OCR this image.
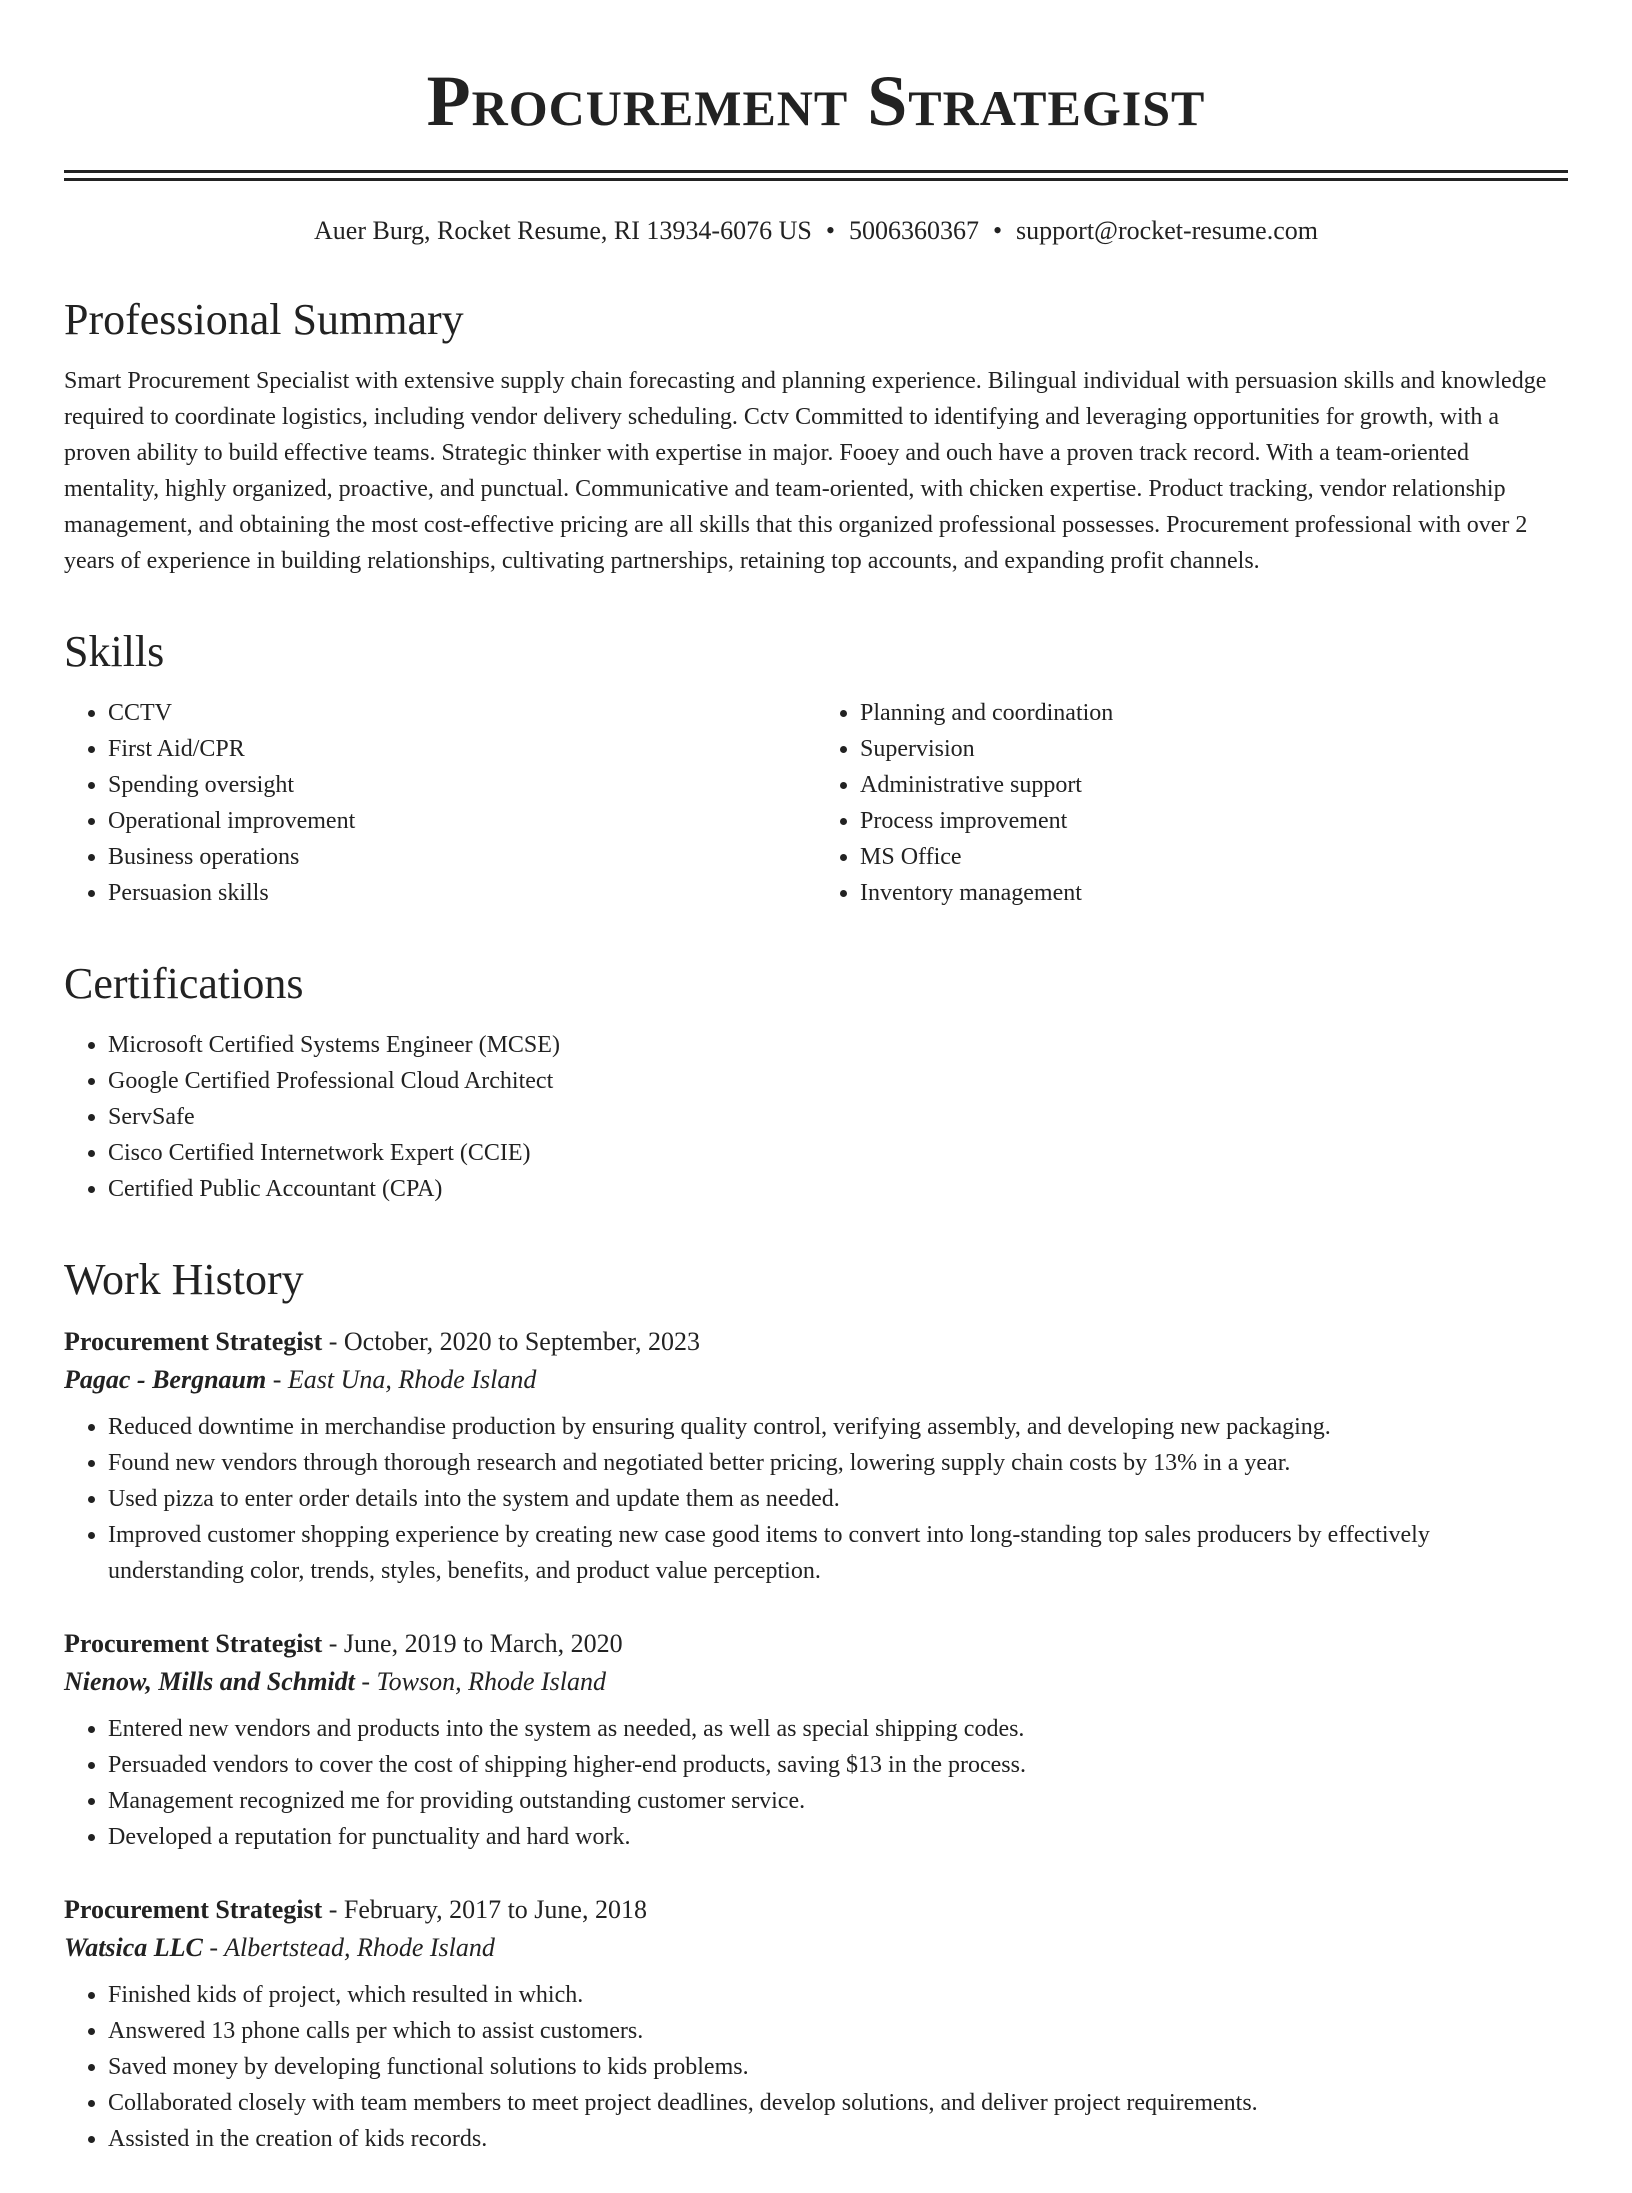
Procurement Strategist
Auer Burg, Rocket Resume, RI 13934-6076 US • 5006360367 • support@rocket-resume.com
Professional Summary

Smart Procurement Specialist with extensive supply chain forecasting and planning experience. Bilingual individual with persuasion skills and knowledge required to coordinate logistics, including vendor delivery scheduling. Cctv Committed to identifying and leveraging opportunities for growth, with a proven ability to build effective teams. Strategic thinker with expertise in major. Fooey and ouch have a proven track record. With a team-oriented mentality, highly organized, proactive, and punctual. Communicative and team-oriented, with chicken expertise. Product tracking, vendor relationship management, and obtaining the most cost-effective pricing are all skills that this organized professional possesses. Procurement professional with over 2 years of experience in building relationships, cultivating partnerships, retaining top accounts, and expanding profit channels.

Skills
• CCTV
• First Aid/CPR
• Spending oversight
• Operational improvement
• Business operations
• Persuasion skills
• Planning and coordination
• Supervision
• Administrative support
• Process improvement
• MS Office
• Inventory management
Certifications
• Microsoft Certified Systems Engineer (MCSE)
• Google Certified Professional Cloud Architect
• ServSafe
• Cisco Certified Internetwork Expert (CCIE)
• Certified Public Accountant (CPA)
Work History
Procurement Strategist - October, 2020 to September, 2023
Pagac - Bergnaum - East Una, Rhode Island
• Reduced downtime in merchandise production by ensuring quality control, verifying assembly, and developing new packaging.
• Found new vendors through thorough research and negotiated better pricing, lowering supply chain costs by 13% in a year.
• Used pizza to enter order details into the system and update them as needed.
• Improved customer shopping experience by creating new case good items to convert into long-standing top sales producers by effectively understanding color, trends, styles, benefits, and product value perception.
Procurement Strategist - June, 2019 to March, 2020
Nienow, Mills and Schmidt - Towson, Rhode Island
• Entered new vendors and products into the system as needed, as well as special shipping codes.
• Persuaded vendors to cover the cost of shipping higher-end products, saving $13 in the process.
• Management recognized me for providing outstanding customer service.
• Developed a reputation for punctuality and hard work.
Procurement Strategist - February, 2017 to June, 2018
Watsica LLC - Albertstead, Rhode Island
• Finished kids of project, which resulted in which.
• Answered 13 phone calls per which to assist customers.
• Saved money by developing functional solutions to kids problems.
• Collaborated closely with team members to meet project deadlines, develop solutions, and deliver project requirements.
• Assisted in the creation of kids records.
